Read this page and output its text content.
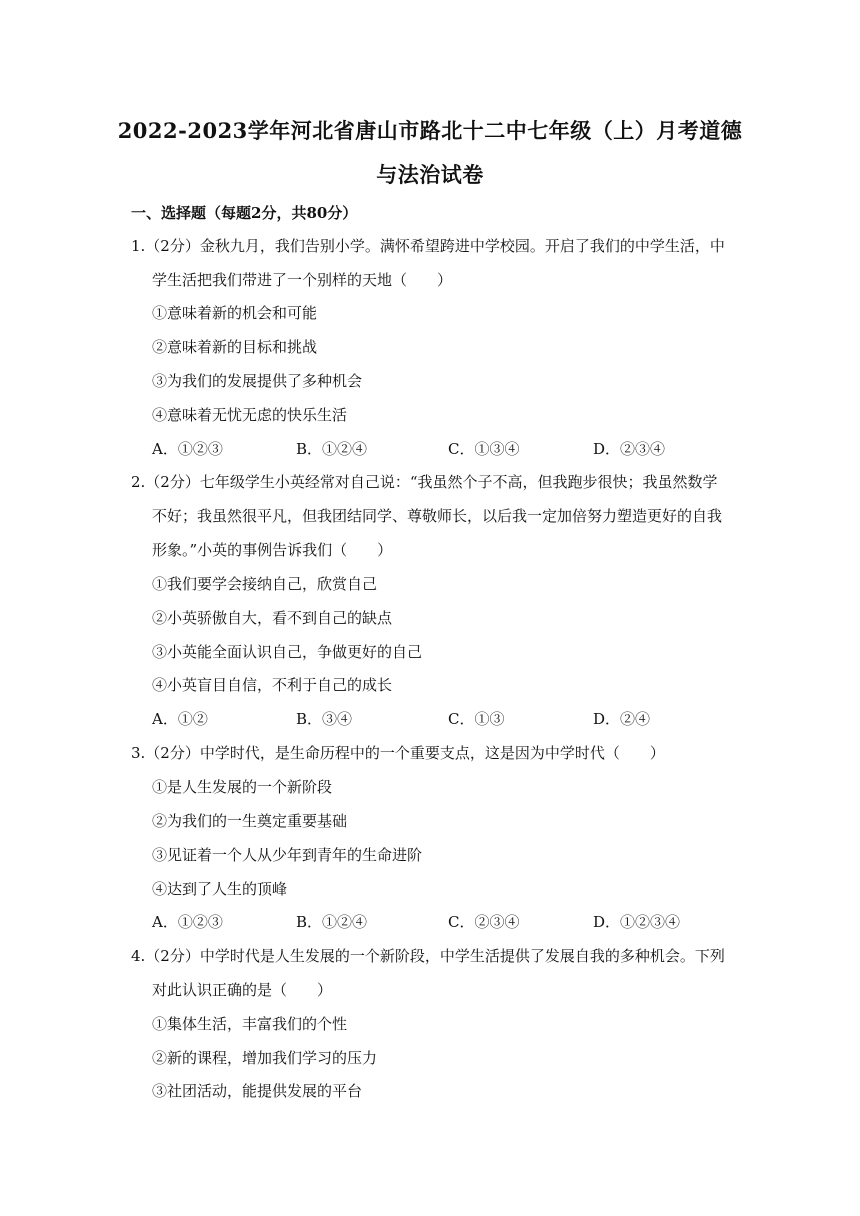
2022-2023学年河北省唐山市路北十二中七年级（上）月考道德
与法治试卷
一、选择题（每题2分，共80分）
1.（2分）金秋九月，我们告别小学。满怀希望跨进中学校园。开启了我们的中学生活，中
学生活把我们带进了一个别样的天地（　　）
①意味着新的机会和可能
②意味着新的目标和挑战
③为我们的发展提供了多种机会
④意味着无忧无虑的快乐生活
A．①②③	B．①②④	C．①③④	D．②③④
2.（2分）七年级学生小英经常对自己说：“我虽然个子不高，但我跑步很快；我虽然数学
不好；我虽然很平凡，但我团结同学、尊敬师长，以后我一定加倍努力塑造更好的自我
形象。”小英的事例告诉我们（　　）
①我们要学会接纳自己，欣赏自己
②小英骄傲自大，看不到自己的缺点
③小英能全面认识自己，争做更好的自己
④小英盲目自信，不利于自己的成长
A．①②	B．③④	C．①③	D．②④
3.（2分）中学时代，是生命历程中的一个重要支点，这是因为中学时代（　　）
①是人生发展的一个新阶段
②为我们的一生奠定重要基础
③见证着一个人从少年到青年的生命进阶
④达到了人生的顶峰
A．①②③	B．①②④	C．②③④	D．①②③④
4.（2分）中学时代是人生发展的一个新阶段，中学生活提供了发展自我的多种机会。下列
对此认识正确的是（　　）
①集体生活，丰富我们的个性
②新的课程，增加我们学习的压力
③社团活动，能提供发展的平台
